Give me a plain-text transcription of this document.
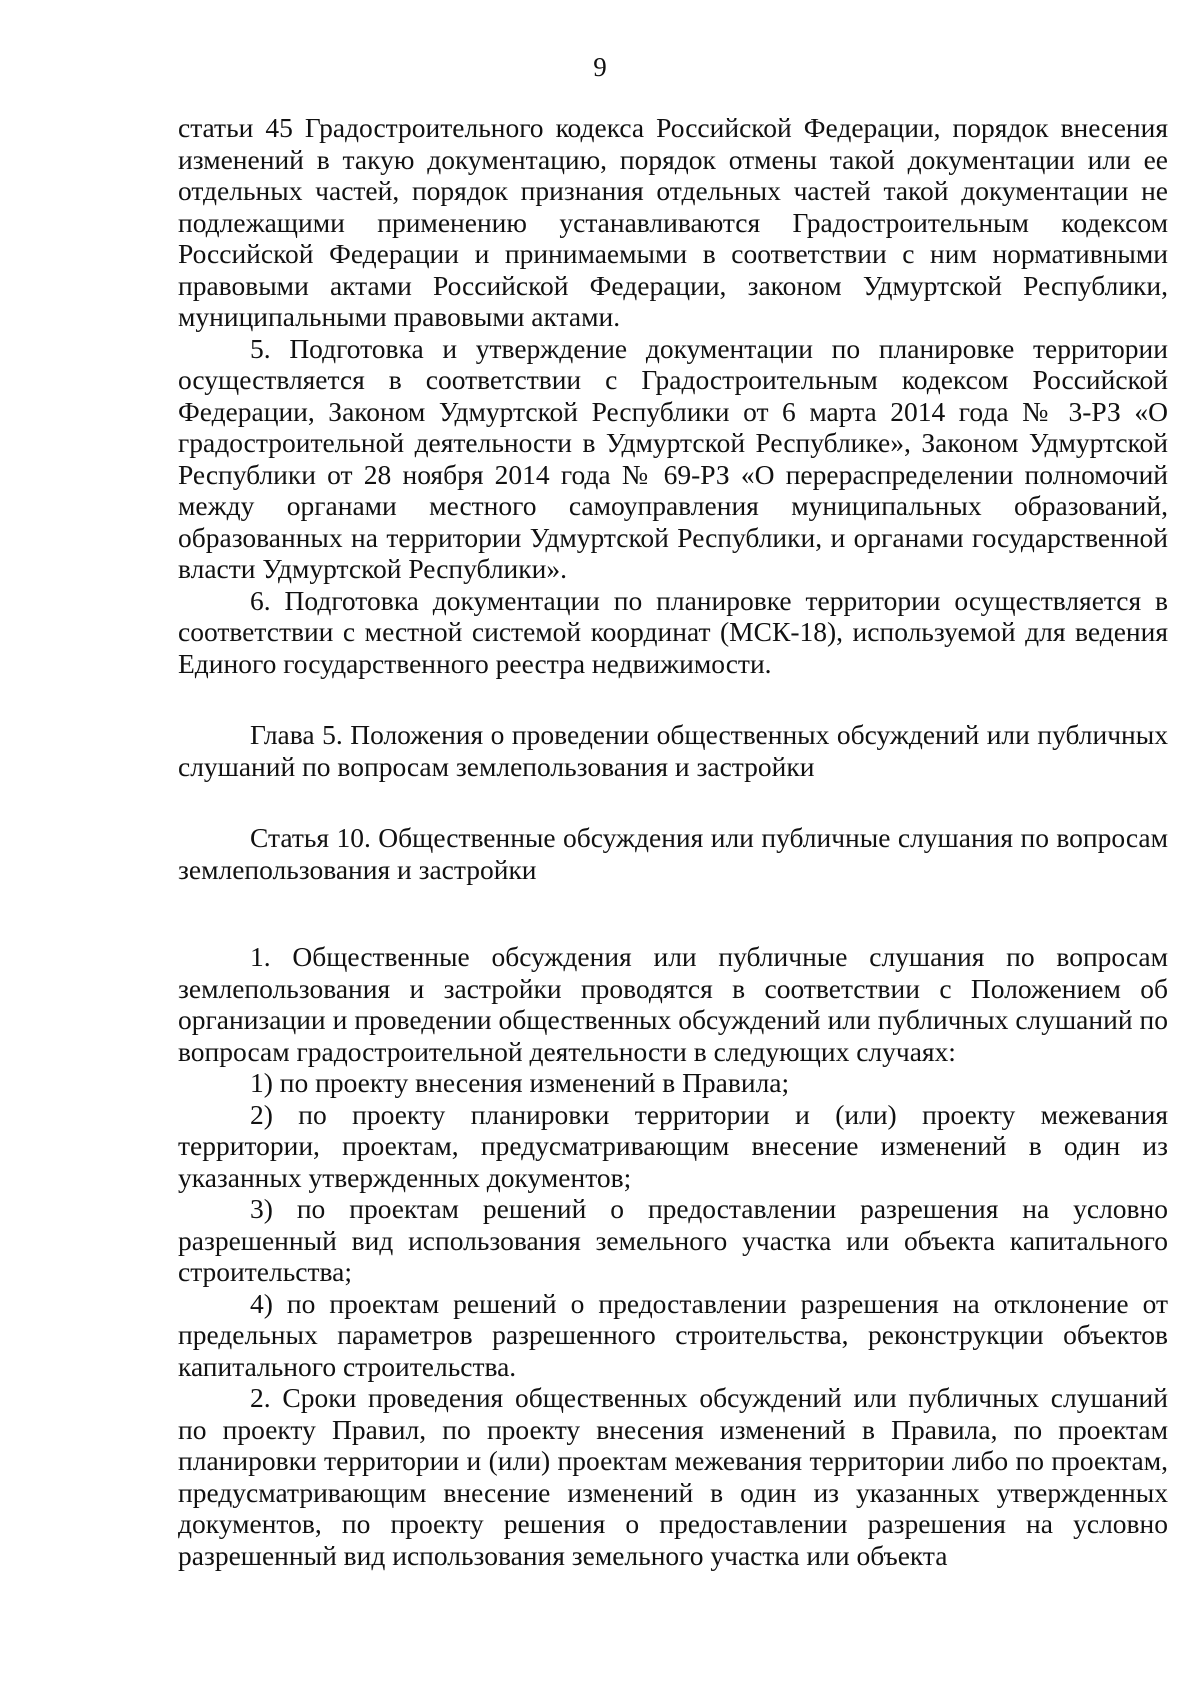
9

статьи 45 Градостроительного кодекса Российской Федерации, порядок внесения изменений в такую документацию, порядок отмены такой документации или ее отдельных частей, порядок признания отдельных частей такой документации не подлежащими применению устанавливаются Градостроительным кодексом Российской Федерации и принимаемыми в соответствии с ним нормативными правовыми актами Российской Федерации, законом Удмуртской Республики, муниципальными правовыми актами.

5. Подготовка и утверждение документации по планировке территории осуществляется в соответствии с Градостроительным кодексом Российской Федерации, Законом Удмуртской Республики от 6 марта 2014 года № 3-РЗ «О градостроительной деятельности в Удмуртской Республике», Законом Удмуртской Республики от 28 ноября 2014 года № 69-РЗ «О перераспределении полномочий между органами местного самоуправления муниципальных образований, образованных на территории Удмуртской Республики, и органами государственной власти Удмуртской Республики».

6. Подготовка документации по планировке территории осуществляется в соответствии с местной системой координат (МСК-18), используемой для ведения Единого государственного реестра недвижимости.

Глава 5. Положения о проведении общественных обсуждений или публичных слушаний по вопросам землепользования и застройки

Статья 10. Общественные обсуждения или публичные слушания по вопросам землепользования и застройки

1. Общественные обсуждения или публичные слушания по вопросам землепользования и застройки проводятся в соответствии с Положением об организации и проведении общественных обсуждений или публичных слушаний по вопросам градостроительной деятельности в следующих случаях:

1) по проекту внесения изменений в Правила;

2) по проекту планировки территории и (или) проекту межевания территории, проектам, предусматривающим внесение изменений в один из указанных утвержденных документов;

3) по проектам решений о предоставлении разрешения на условно разрешенный вид использования земельного участка или объекта капитального строительства;

4) по проектам решений о предоставлении разрешения на отклонение от предельных параметров разрешенного строительства, реконструкции объектов капитального строительства.

2. Сроки проведения общественных обсуждений или публичных слушаний по проекту Правил, по проекту внесения изменений в Правила, по проектам планировки территории и (или) проектам межевания территории либо по проектам, предусматривающим внесение изменений в один из указанных утвержденных документов, по проекту решения о предоставлении разрешения на условно разрешенный вид использования земельного участка или объекта
